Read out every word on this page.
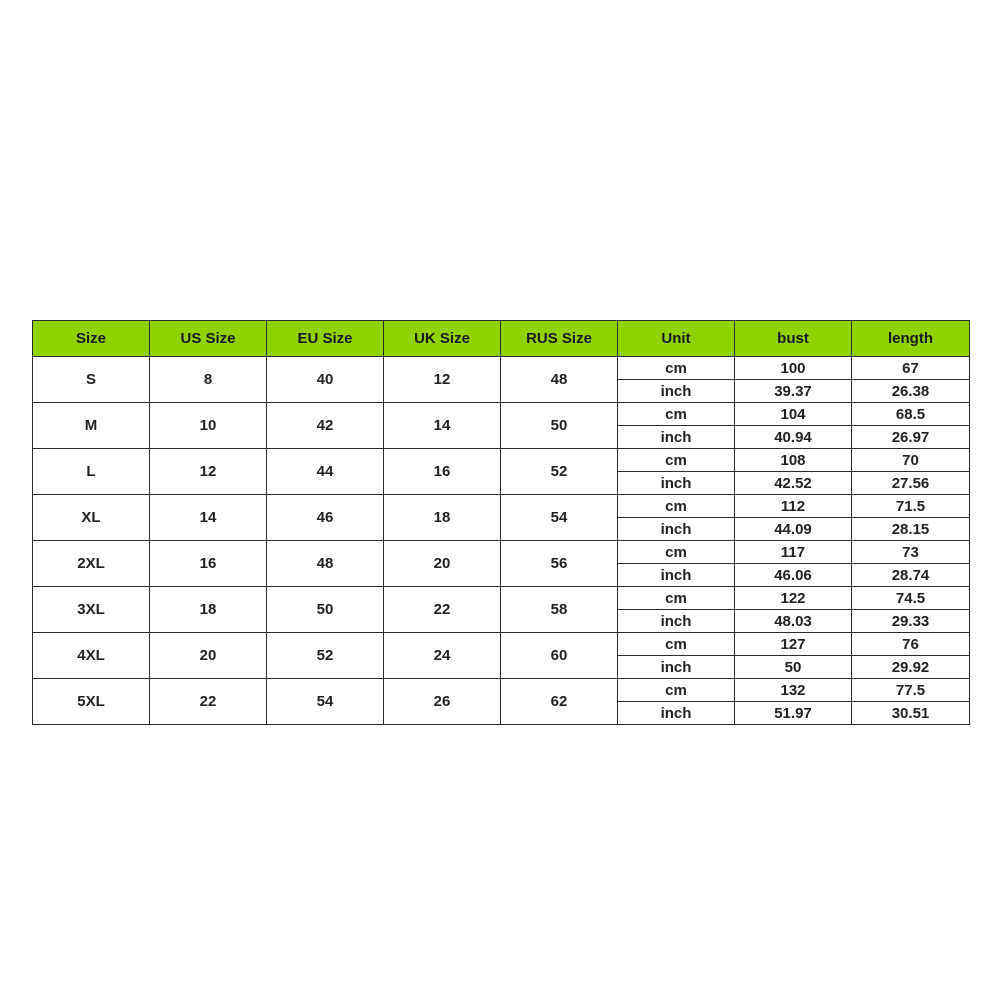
Size	US Size	EU Size	UK Size	RUS Size	Unit	bust	length
S	8	40	12	48	cm	100	67
					inch	39.37	26.38
M	10	42	14	50	cm	104	68.5
					inch	40.94	26.97
L	12	44	16	52	cm	108	70
					inch	42.52	27.56
XL	14	46	18	54	cm	112	71.5
					inch	44.09	28.15
2XL	16	48	20	56	cm	117	73
					inch	46.06	28.74
3XL	18	50	22	58	cm	122	74.5
					inch	48.03	29.33
4XL	20	52	24	60	cm	127	76
					inch	50	29.92
5XL	22	54	26	62	cm	132	77.5
					inch	51.97	30.51
